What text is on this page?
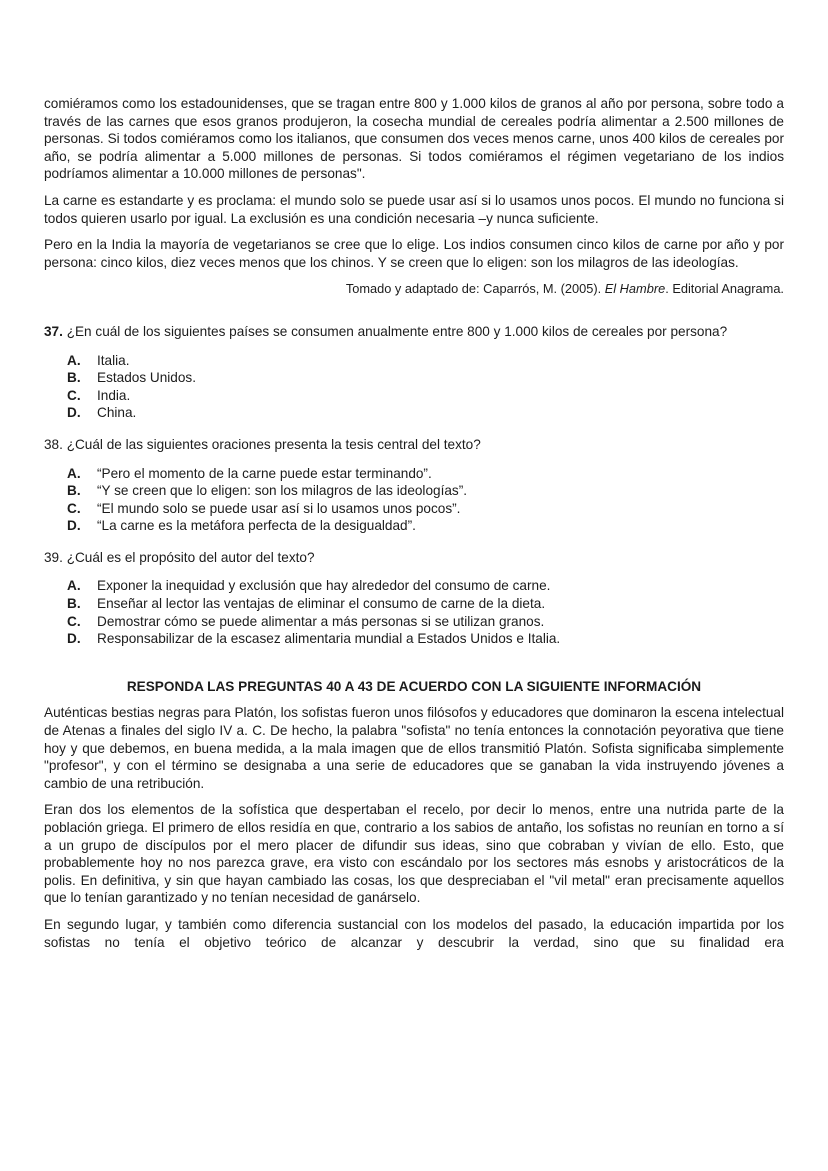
comiéramos como los estadounidenses, que se tragan entre 800 y 1.000 kilos de granos al año por persona, sobre todo a través de las carnes que esos granos produjeron, la cosecha mundial de cereales podría alimentar a 2.500 millones de personas. Si todos comiéramos como los italianos, que consumen dos veces menos carne, unos 400 kilos de cereales por año, se podría alimentar a 5.000 millones de personas. Si todos comiéramos el régimen vegetariano de los indios podríamos alimentar a 10.000 millones de personas".

La carne es estandarte y es proclama: el mundo solo se puede usar así si lo usamos unos pocos. El mundo no funciona si todos quieren usarlo por igual. La exclusión es una condición necesaria –y nunca suficiente.

Pero en la India la mayoría de vegetarianos se cree que lo elige. Los indios consumen cinco kilos de carne por año y por persona: cinco kilos, diez veces menos que los chinos. Y se creen que lo eligen: son los milagros de las ideologías.

Tomado y adaptado de: Caparrós, M. (2005). El Hambre. Editorial Anagrama.

37. ¿En cuál de los siguientes países se consumen anualmente entre 800 y 1.000 kilos de cereales por persona?

A.	Italia.
B.	Estados Unidos.
C.	India.
D.	China.

38. ¿Cuál de las siguientes oraciones presenta la tesis central del texto?

A.	“Pero el momento de la carne puede estar terminando”.
B.	“Y se creen que lo eligen: son los milagros de las ideologías”.
C.	“El mundo solo se puede usar así si lo usamos unos pocos”.
D.	“La carne es la metáfora perfecta de la desigualdad”.

39. ¿Cuál es el propósito del autor del texto?

A.	Exponer la inequidad y exclusión que hay alrededor del consumo de carne.
B.	Enseñar al lector las ventajas de eliminar el consumo de carne de la dieta.
C.	Demostrar cómo se puede alimentar a más personas si se utilizan granos.
D.	Responsabilizar de la escasez alimentaria mundial a Estados Unidos e Italia.
RESPONDA LAS PREGUNTAS 40 A 43 DE ACUERDO CON LA SIGUIENTE INFORMACIÓN

Auténticas bestias negras para Platón, los sofistas fueron unos filósofos y educadores que dominaron la escena intelectual de Atenas a finales del siglo IV a. C. De hecho, la palabra "sofista" no tenía entonces la connotación peyorativa que tiene hoy y que debemos, en buena medida, a la mala imagen que de ellos transmitió Platón. Sofista significaba simplemente "profesor", y con el término se designaba a una serie de educadores que se ganaban la vida instruyendo jóvenes a cambio de una retribución.

Eran dos los elementos de la sofística que despertaban el recelo, por decir lo menos, entre una nutrida parte de la población griega. El primero de ellos residía en que, contrario a los sabios de antaño, los sofistas no reunían en torno a sí a un grupo de discípulos por el mero placer de difundir sus ideas, sino que cobraban y vivían de ello. Esto, que probablemente hoy no nos parezca grave, era visto con escándalo por los sectores más esnobs y aristocráticos de la polis. En definitiva, y sin que hayan cambiado las cosas, los que despreciaban el "vil metal" eran precisamente aquellos que lo tenían garantizado y no tenían necesidad de ganárselo.

En segundo lugar, y también como diferencia sustancial con los modelos del pasado, la educación impartida por los sofistas no tenía el objetivo teórico de alcanzar y descubrir la verdad, sino que su finalidad era
